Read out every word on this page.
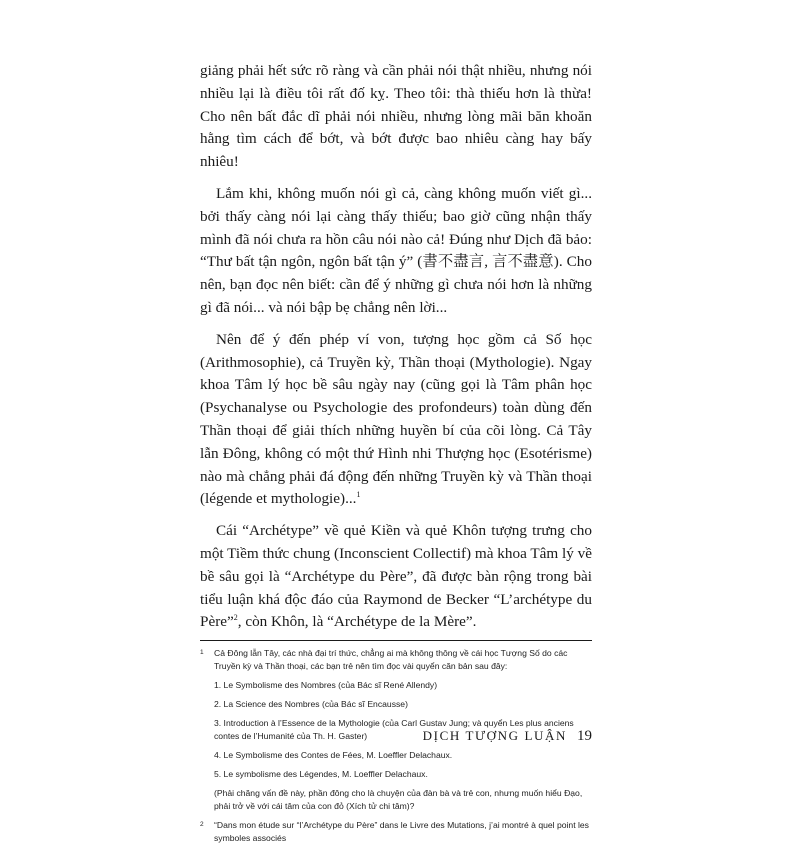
giảng phải hết sức rõ ràng và cần phải nói thật nhiều, nhưng nói nhiều lại là điều tôi rất đố kỵ. Theo tôi: thà thiếu hơn là thừa! Cho nên bất đắc dĩ phải nói nhiều, nhưng lòng mãi băn khoăn hằng tìm cách để bớt, và bớt được bao nhiêu càng hay bấy nhiêu!

Lắm khi, không muốn nói gì cả, càng không muốn viết gì... bởi thấy càng nói lại càng thấy thiếu; bao giờ cũng nhận thấy mình đã nói chưa ra hồn câu nói nào cả! Đúng như Dịch đã bảo: “Thư bất tận ngôn, ngôn bất tận ý” (書不盡言, 言不盡意). Cho nên, bạn đọc nên biết: cần để ý những gì chưa nói hơn là những gì đã nói... và nói bập bẹ chẳng nên lời...

Nên để ý đến phép ví von, tượng học gồm cả Số học (Arithmosophie), cả Truyền kỳ, Thần thoại (Mythologie). Ngay khoa Tâm lý học bề sâu ngày nay (cũng gọi là Tâm phân học (Psychanalyse ou Psychologie des profondeurs) toàn dùng đến Thần thoại để giải thích những huyền bí của cõi lòng. Cả Tây lẫn Đông, không có một thứ Hình nhi Thượng học (Esotérisme) nào mà chẳng phải đá động đến những Truyền kỳ và Thần thoại (légende et mythologie)...$^1$

Cái “Archétype” về quẻ Kiền và quẻ Khôn tượng trưng cho một Tiềm thức chung (Inconscient Collectif) mà khoa Tâm lý về bề sâu gọi là “Archétype du Père”, đã được bàn rộng trong bài tiểu luận khá độc đáo của Raymond de Becker “L’archétype du Père”$^2$, còn Khôn, là “Archétype de la Mère”.

1	Cả Đông lẫn Tây, các nhà đại trí thức, chẳng ai mà không thông về cái học Tượng Số do các Truyền kỳ và Thần thoại, các bạn trẻ nên tìm đọc vài quyển căn bản sau đây:
1. Le Symbolisme des Nombres (của Bác sĩ René Allendy)
2. La Science des Nombres (của Bác sĩ Encausse)
3. Introduction à l’Essence de la Mythologie (của Carl Gustav Jung; và quyển Les plus anciens contes de l’Humanité của Th. H. Gaster)
4. Le Symbolisme des Contes de Fées, M. Loeffler Delachaux.
5. Le symbolisme des Légendes, M. Loeffler Delachaux.
(Phải chăng vấn đề này, phần đông cho là chuyện của đàn bà và trẻ con, nhưng muốn hiểu Đạo, phải trở về với cái tâm của con đỏ (Xích tử chi tâm)?
2	“Dans mon étude sur “l’Archétype du Père” dans le Livre des Mutations, j’ai montré à quel point les symboles associés
DỊCH TƯỢNG LUẬN 19
